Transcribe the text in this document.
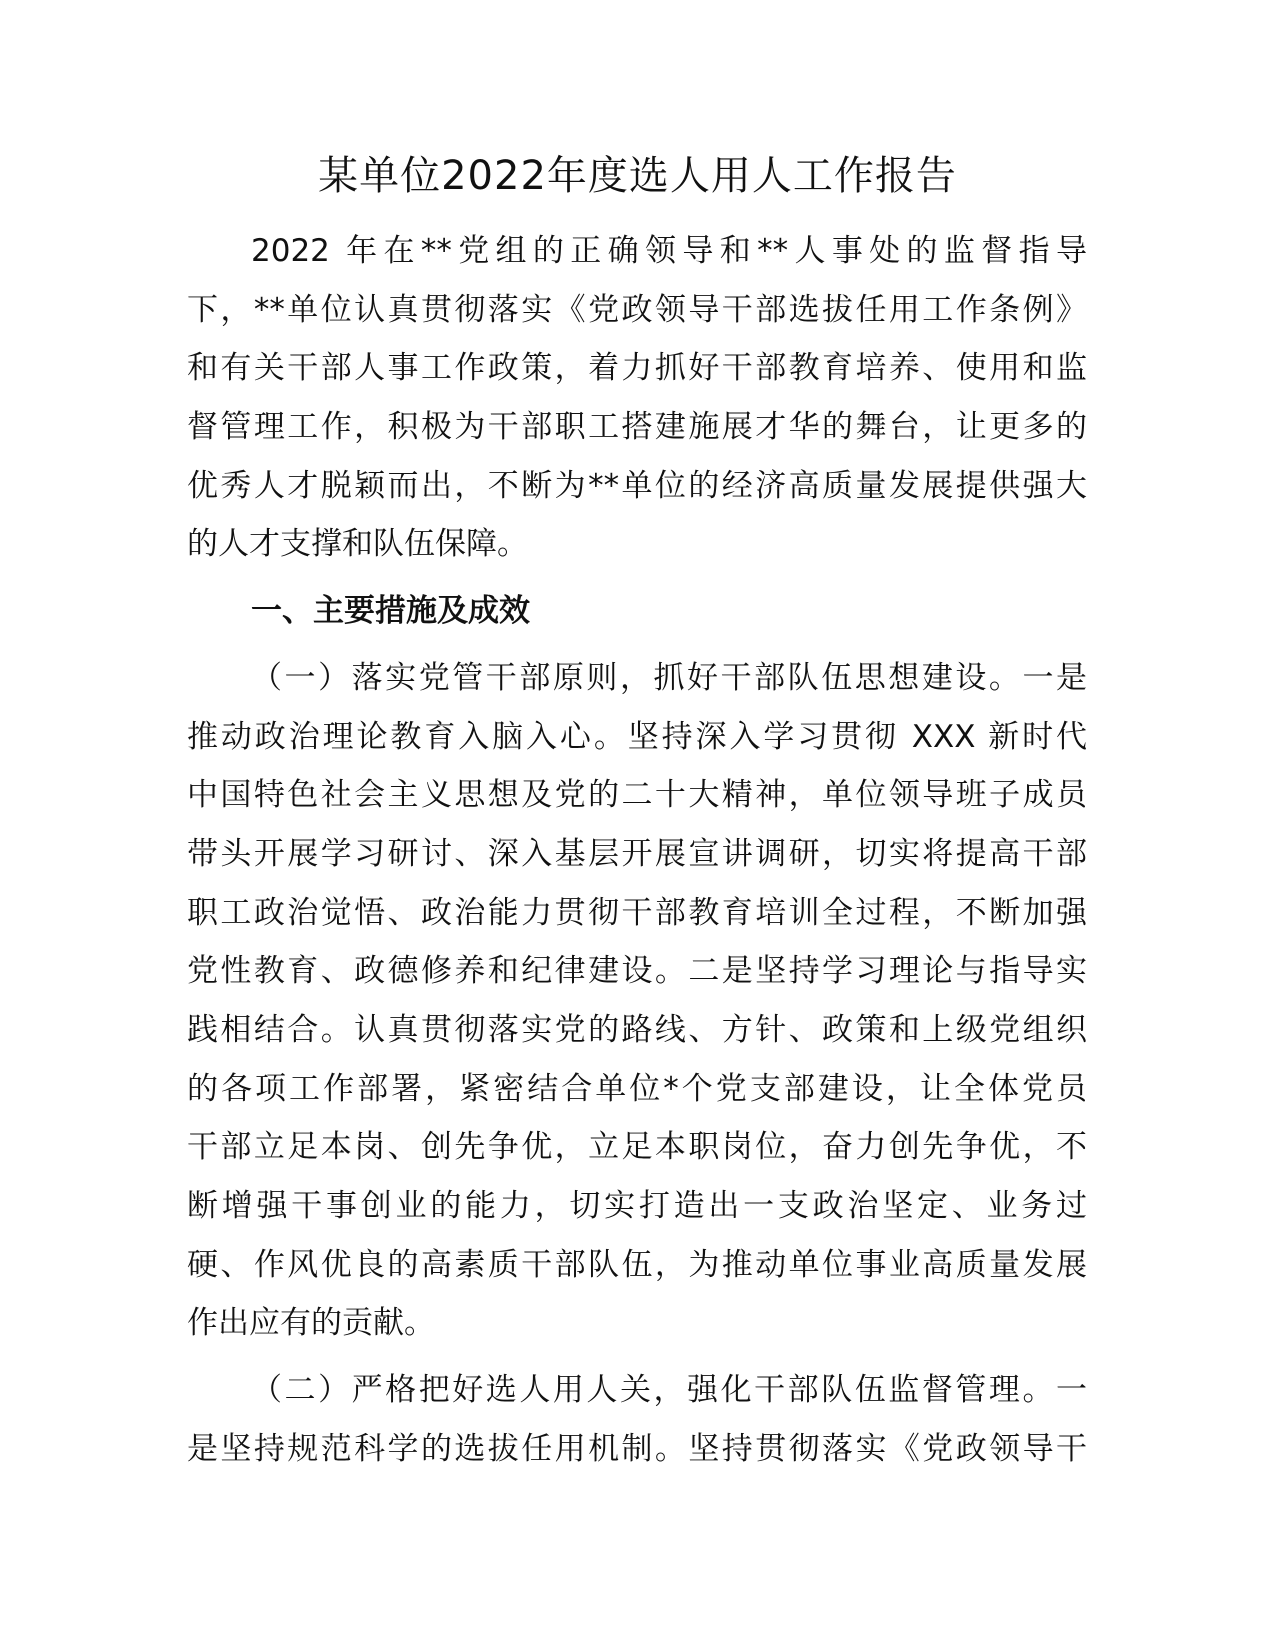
某单位2022年度选人用人工作报告
2022 年在**党组的正确领导和**人事处的监督指导
下，**单位认真贯彻落实《党政领导干部选拔任用工作条例》
和有关干部人事工作政策，着力抓好干部教育培养、使用和监
督管理工作，积极为干部职工搭建施展才华的舞台，让更多的
优秀人才脱颖而出，不断为**单位的经济高质量发展提供强大
的人才支撑和队伍保障。
一、主要措施及成效
（一）落实党管干部原则，抓好干部队伍思想建设。一是
推动政治理论教育入脑入心。坚持深入学习贯彻 XXX 新时代
中国特色社会主义思想及党的二十大精神，单位领导班子成员
带头开展学习研讨、深入基层开展宣讲调研，切实将提高干部
职工政治觉悟、政治能力贯彻干部教育培训全过程，不断加强
党性教育、政德修养和纪律建设。二是坚持学习理论与指导实
践相结合。认真贯彻落实党的路线、方针、政策和上级党组织
的各项工作部署，紧密结合单位*个党支部建设，让全体党员
干部立足本岗、创先争优，立足本职岗位，奋力创先争优，不
断增强干事创业的能力，切实打造出一支政治坚定、业务过
硬、作风优良的高素质干部队伍，为推动单位事业高质量发展
作出应有的贡献。
（二）严格把好选人用人关，强化干部队伍监督管理。一
是坚持规范科学的选拔任用机制。坚持贯彻落实《党政领导干
